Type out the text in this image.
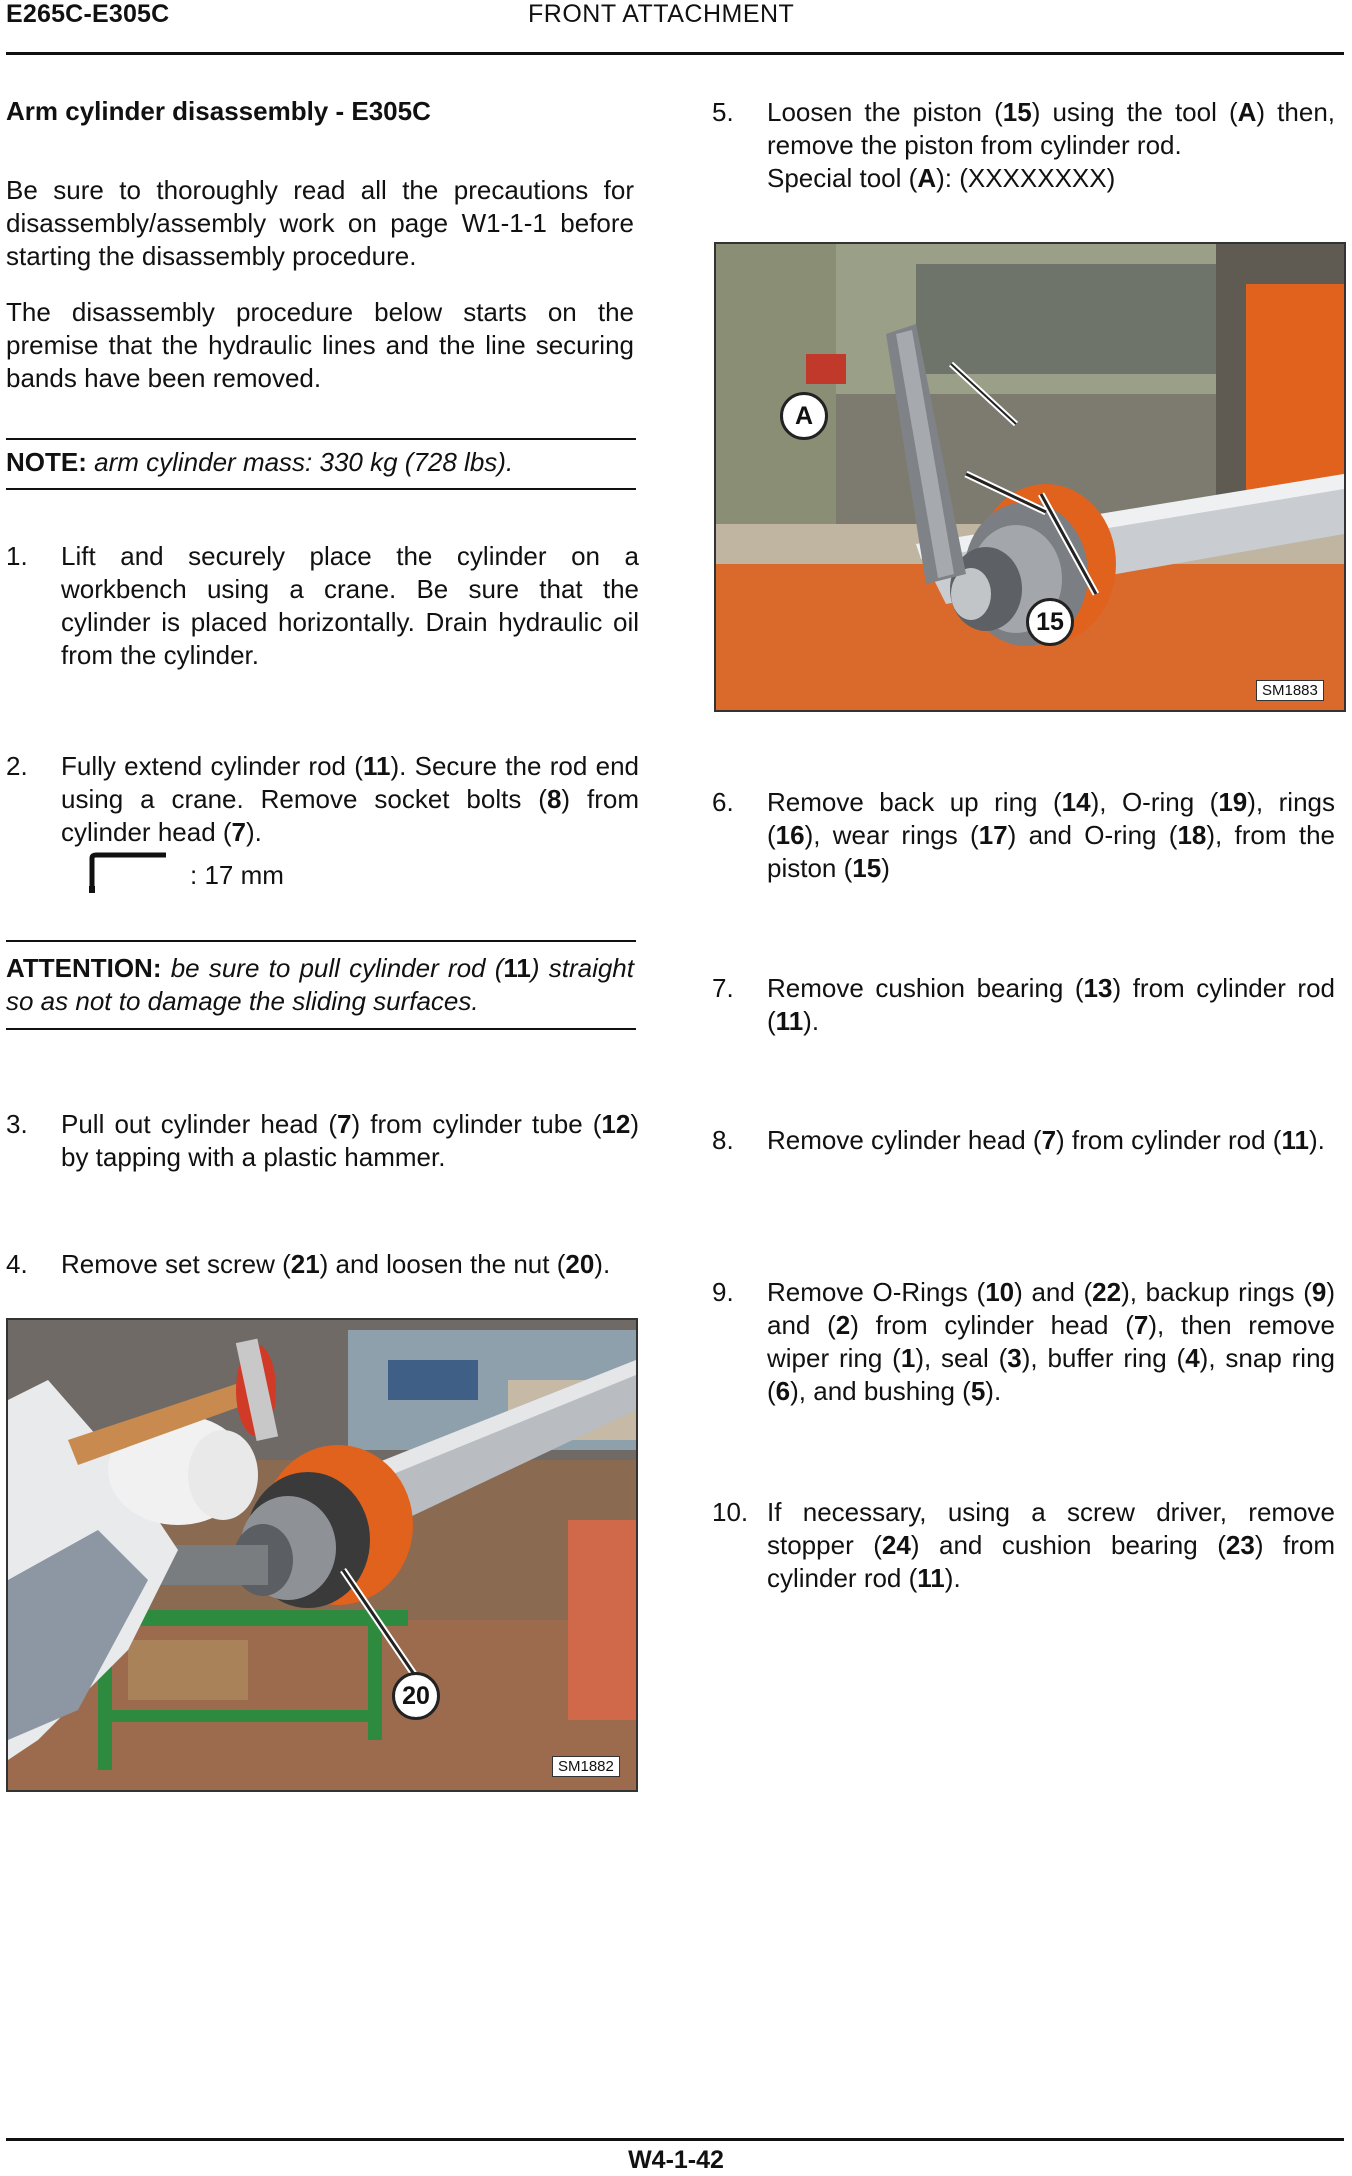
E265C-E305C	FRONT ATTACHMENT
Arm cylinder disassembly - E305C
Be sure to thoroughly read all the precautions for disassembly/assembly work on page W1-1-1 before starting the disassembly procedure.
The disassembly procedure below starts on the premise that the hydraulic lines and the line securing bands have been removed.
NOTE: arm cylinder mass: 330 kg (728 lbs).
1. Lift and securely place the cylinder on a workbench using a crane. Be sure that the cylinder is placed horizontally. Drain hydraulic oil from the cylinder.
2. Fully extend cylinder rod (11). Secure the rod end using a crane. Remove socket bolts (8) from cylinder head (7).
: 17 mm
ATTENTION: be sure to pull cylinder rod (11) straight so as not to damage the sliding surfaces.
3. Pull out cylinder head (7) from cylinder tube (12) by tapping with a plastic hammer.
4. Remove set screw (21) and loosen the nut (20).
20
SM1882
5. Loosen the piston (15) using the tool (A) then, remove the piston from cylinder rod.
Special tool (A): (XXXXXXXX)
A
15
SM1883
6. Remove back up ring (14), O-ring (19), rings (16), wear rings (17) and O-ring (18), from the piston (15)
7. Remove cushion bearing (13) from cylinder rod (11).
8. Remove cylinder head (7) from cylinder rod (11).
9. Remove O-Rings (10) and (22), backup rings (9) and (2) from cylinder head (7), then remove wiper ring (1), seal (3), buffer ring (4), snap ring (6), and bushing (5).
10. If necessary, using a screw driver, remove stopper (24) and cushion bearing (23) from cylinder rod (11).
W4-1-42
